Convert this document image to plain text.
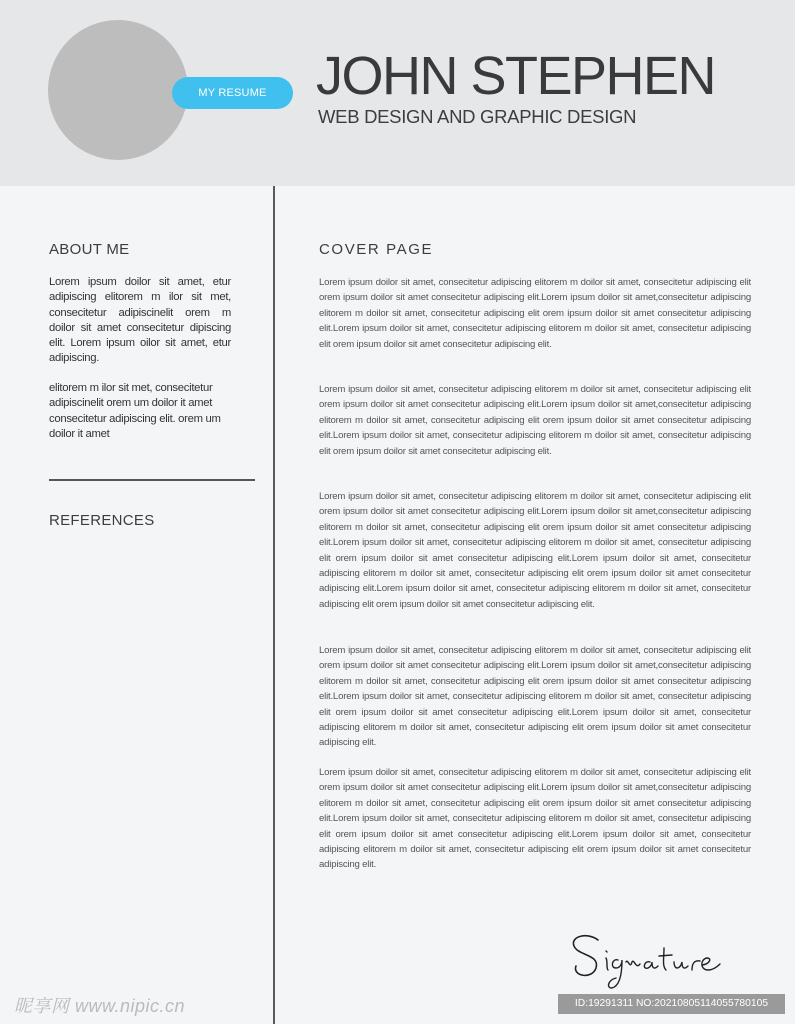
MY RESUME JOHN STEPHEN
WEB DESIGN AND GRAPHIC DESIGN
ABOUT ME
Lorem ipsum doilor sit amet, etur adipiscing elitorem m ilor sit met, consecitetur adipiscinelit orem m doilor sit amet consecitetur dipiscing elit. Lorem ipsum oilor sit amet, etur adipiscing.
elitorem m ilor sit met, consecitetur adipiscinelit orem um doilor it amet consecitetur adipiscing elit. orem um doilor it amet
REFERENCES
COVER PAGE
Lorem ipsum doilor sit amet, consecitetur adipiscing elitorem m doilor sit amet, consecitetur adipiscing elit orem ipsum doilor sit amet consecitetur adipiscing elit.Lorem ipsum doilor sit amet,consecitetur adipiscing elitorem m doilor sit amet, consecitetur adipiscing elit orem ipsum doilor sit amet consecitetur adipiscing elit.Lorem ipsum doilor sit amet, consecitetur adipiscing elitorem m doilor sit amet, consecitetur adipiscing elit orem ipsum doilor sit amet consecitetur adipiscing elit.
Lorem ipsum doilor sit amet, consecitetur adipiscing elitorem m doilor sit amet, consecitetur adipiscing elit orem ipsum doilor sit amet consecitetur adipiscing elit.Lorem ipsum doilor sit amet,consecitetur adipiscing elitorem m doilor sit amet, consecitetur adipiscing elit orem ipsum doilor sit amet consecitetur adipiscing elit.Lorem ipsum doilor sit amet, consecitetur adipiscing elitorem m doilor sit amet, consecitetur adipiscing elit orem ipsum doilor sit amet consecitetur adipiscing elit.
Lorem ipsum doilor sit amet, consecitetur adipiscing elitorem m doilor sit amet, consecitetur adipiscing elit orem ipsum doilor sit amet consecitetur adipiscing elit.Lorem ipsum doilor sit amet,consecitetur adipiscing elitorem m doilor sit amet, consecitetur adipiscing elit orem ipsum doilor sit amet consecitetur adipiscing elit.Lorem ipsum doilor sit amet, consecitetur adipiscing elitorem m doilor sit amet, consecitetur adipiscing elit orem ipsum doilor sit amet consecitetur adipiscing elit.Lorem ipsum doilor sit amet, consecitetur adipiscing elitorem m doilor sit amet, consecitetur adipiscing elit orem ipsum doilor sit amet consecitetur adipiscing elit.Lorem ipsum doilor sit amet, consecitetur adipiscing elitorem m doilor sit amet, consecitetur adipiscing elit orem ipsum doilor sit amet consecitetur adipiscing elit.
Lorem ipsum doilor sit amet, consecitetur adipiscing elitorem m doilor sit amet, consecitetur adipiscing elit orem ipsum doilor sit amet consecitetur adipiscing elit.Lorem ipsum doilor sit amet,consecitetur adipiscing elitorem m doilor sit amet, consecitetur adipiscing elit orem ipsum doilor sit amet consecitetur adipiscing elit.Lorem ipsum doilor sit amet, consecitetur adipiscing elitorem m doilor sit amet, consecitetur adipiscing elit orem ipsum doilor sit amet consecitetur adipiscing elit.Lorem ipsum doilor sit amet, consecitetur adipiscing elitorem m doilor sit amet, consecitetur adipiscing elit orem ipsum doilor sit amet consecitetur adipiscing elit.
Lorem ipsum doilor sit amet, consecitetur adipiscing elitorem m doilor sit amet, consecitetur adipiscing elit orem ipsum doilor sit amet consecitetur adipiscing elit.Lorem ipsum doilor sit amet,consecitetur adipiscing elitorem m doilor sit amet, consecitetur adipiscing elit orem ipsum doilor sit amet consecitetur adipiscing elit.Lorem ipsum doilor sit amet, consecitetur adipiscing elitorem m doilor sit amet, consecitetur adipiscing elit orem ipsum doilor sit amet consecitetur adipiscing elit.Lorem ipsum doilor sit amet, consecitetur adipiscing elitorem m doilor sit amet, consecitetur adipiscing elit orem ipsum doilor sit amet consecitetur adipiscing elit.
昵享网 www.nipic.cn	ID:19291311 NO:20210805114055780105
